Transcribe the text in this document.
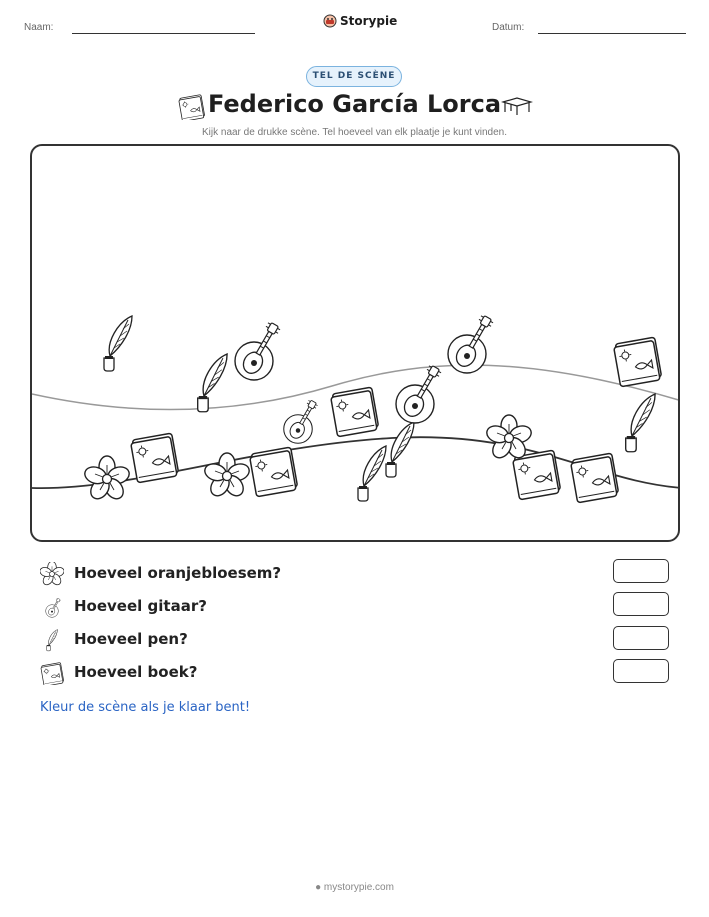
Naam:	Datum:
Storypie
TEL DE SCÈNE
Federico García Lorca
Kijk naar de drukke scène. Tel hoeveel van elk plaatje je kunt vinden.
Hoeveel oranjebloesem?
Hoeveel gitaar?
Hoeveel pen?
Hoeveel boek?
Kleur de scène als je klaar bent!
● mystorypie.com
